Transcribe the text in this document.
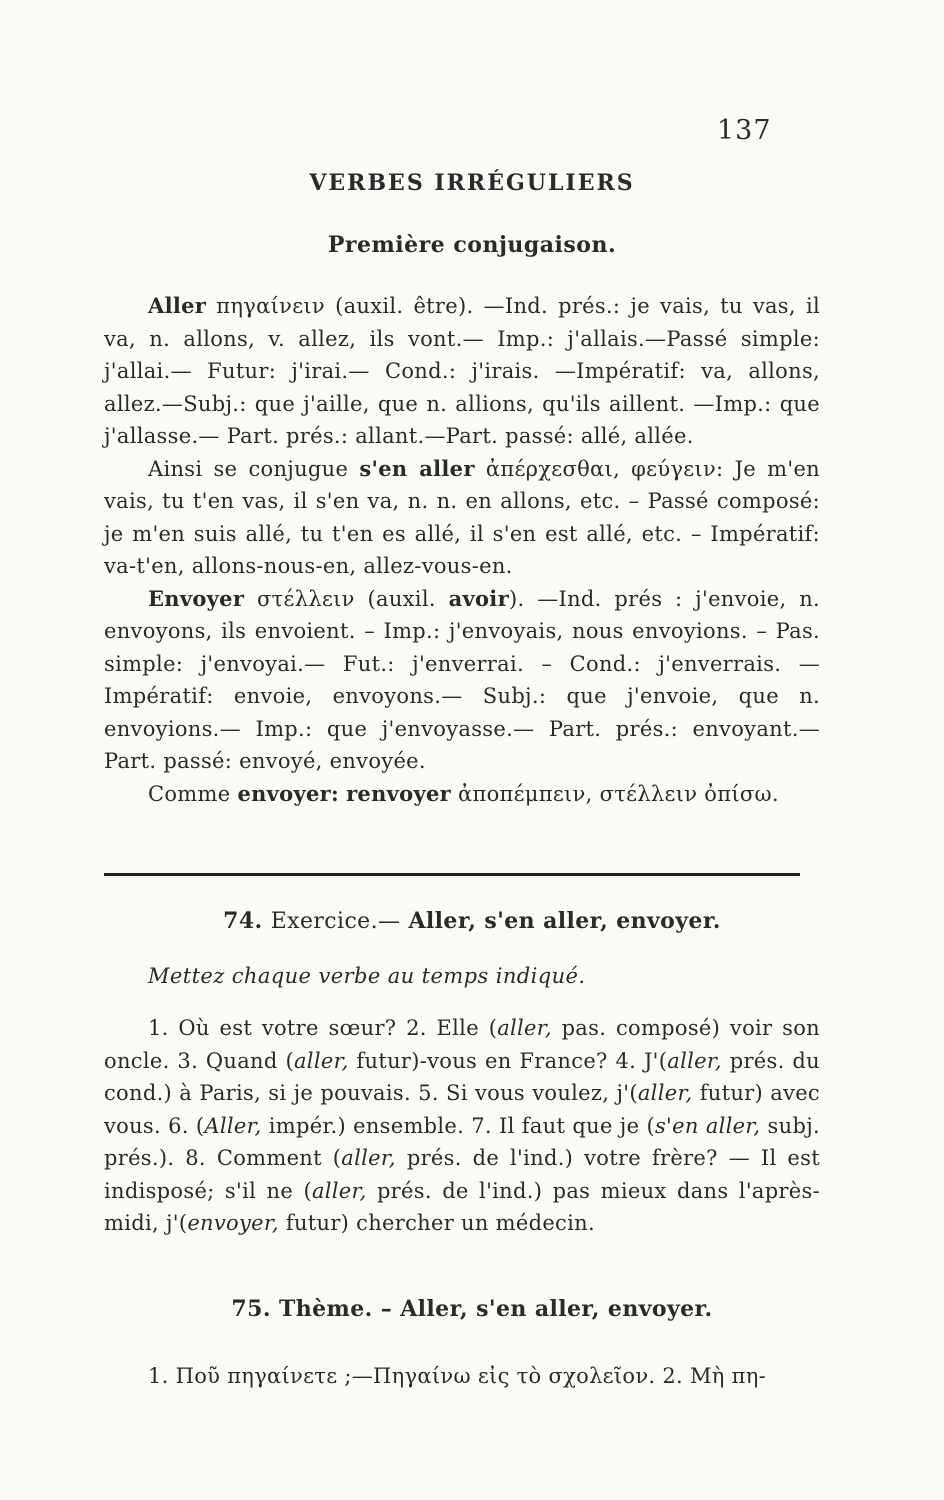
137
VERBES IRRÉGULIERS
Première conjugaison.

Aller πηγαίνειν (auxil. être). —Ind. prés.: je vais, tu vas, il va, n. allons, v. allez, ils vont.— Imp.: j'allais.—Passé simple: j'allai.— Futur: j'irai.— Cond.: j'irais. —Impératif: va, allons, allez.—Subj.: que j'aille, que n. allions, qu'ils aillent. —Imp.: que j'allasse.— Part. prés.: allant.—Part. passé: allé, allée.

Ainsi se conjugue s'en aller ἀπέρχεσθαι, φεύγειν: Je m'en vais, tu t'en vas, il s'en va, n. n. en allons, etc. – Passé composé: je m'en suis allé, tu t'en es allé, il s'en est allé, etc. – Impératif: va-t'en, allons-nous-en, allez-vous-en.

Envoyer στέλλειν (auxil. avoir). —Ind. prés : j'envoie, n. envoyons, ils envoient. – Imp.: j'envoyais, nous envoyions. – Pas. simple: j'envoyai.— Fut.: j'enverrai. – Cond.: j'enverrais. —Impératif: envoie, envoyons.— Subj.: que j'envoie, que n. envoyions.— Imp.: que j'envoyasse.— Part. prés.: envoyant.— Part. passé: envoyé, envoyée.

Comme envoyer: renvoyer ἀποπέμπειν, στέλλειν ὀπίσω.

74. Exercice.— Aller, s'en aller, envoyer.
Mettez chaque verbe au temps indiqué.

1. Où est votre sœur? 2. Elle (aller, pas. composé) voir son oncle. 3. Quand (aller, futur)-vous en France? 4. J'(aller, prés. du cond.) à Paris, si je pouvais. 5. Si vous voulez, j'(aller, futur) avec vous. 6. (Aller, impér.) ensemble. 7. Il faut que je (s'en aller, subj. prés.). 8. Comment (aller, prés. de l'ind.) votre frère? — Il est indisposé; s'il ne (aller, prés. de l'ind.) pas mieux dans l'après-midi, j'(envoyer, futur) chercher un médecin.

75. Thème. – Aller, s'en aller, envoyer.

1. Ποῦ πηγαίνετε ;—Πηγαίνω εἰς τὸ σχολεῖον. 2. Μὴ πη-
